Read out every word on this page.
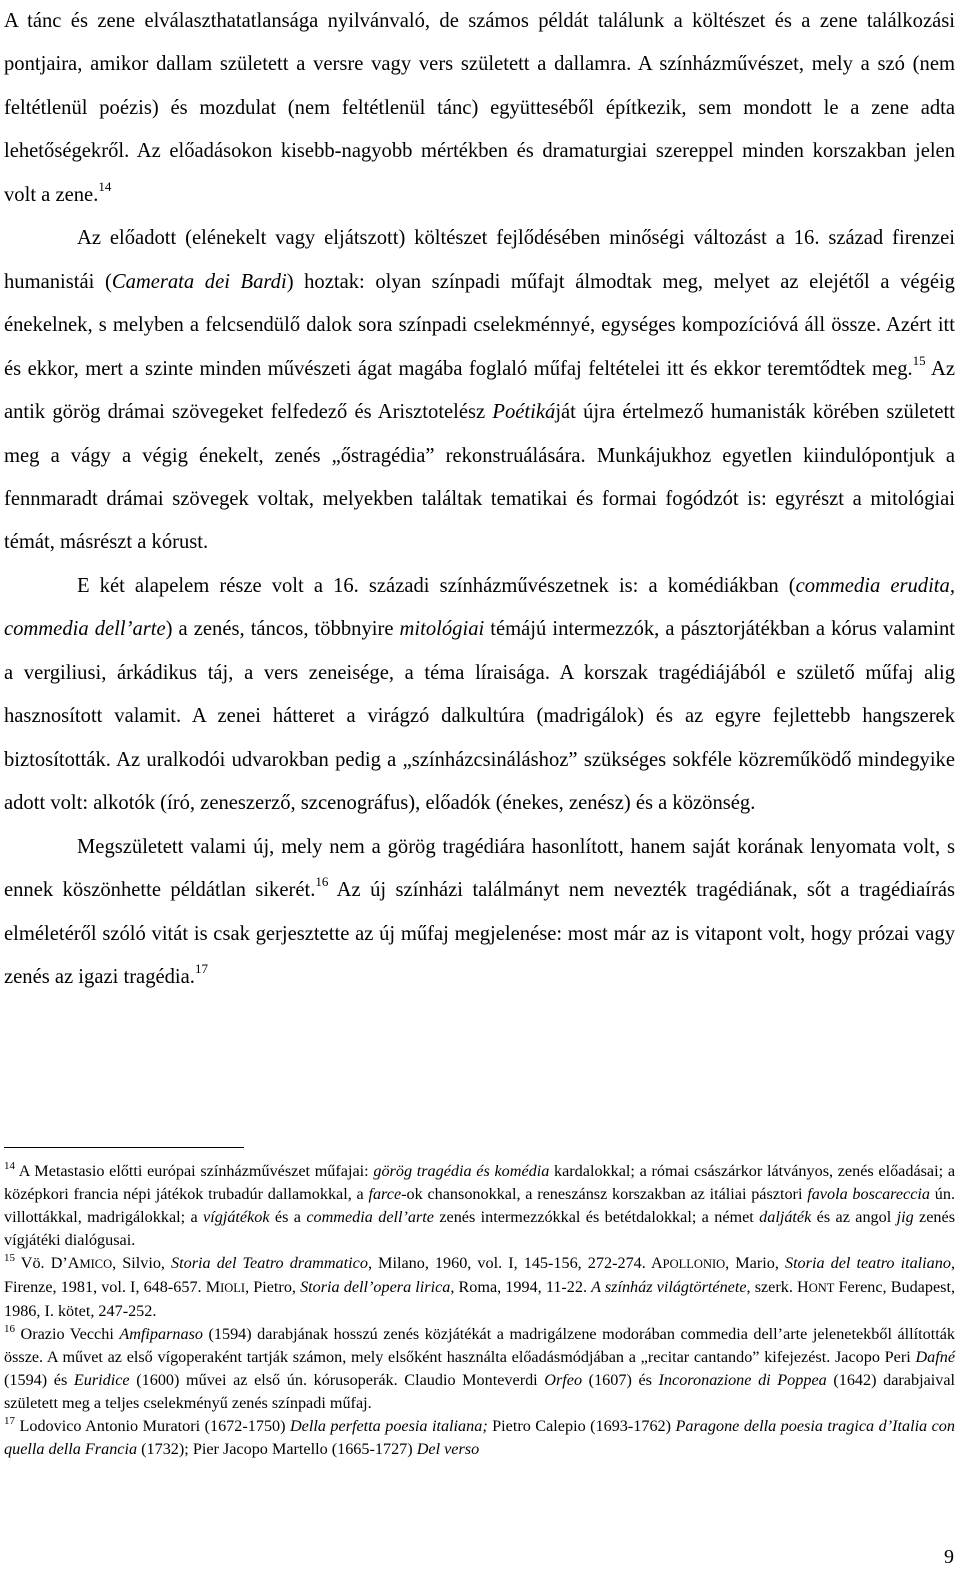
A tánc és zene elválaszthatatlansága nyilvánvaló, de számos példát találunk a költészet és a zene találkozási pontjaira, amikor dallam született a versre vagy vers született a dallamra. A színházművészet, mely a szó (nem feltétlenül poézis) és mozdulat (nem feltétlenül tánc) együtteséből építkezik, sem mondott le a zene adta lehetőségekről. Az előadásokon kisebb-nagyobb mértékben és dramaturgiai szereppel minden korszakban jelen volt a zene.$^{14}$

Az előadott (elénekelt vagy eljátszott) költészet fejlődésében minőségi változást a 16. század firenzei humanistái (Camerata dei Bardi) hoztak: olyan színpadi műfajt álmodtak meg, melyet az elejétől a végéig énekelnek, s melyben a felcsendülő dalok sora színpadi cselekménnyé, egységes kompozícióvá áll össze. Azért itt és ekkor, mert a szinte minden művészeti ágat magába foglaló műfaj feltételei itt és ekkor teremtődtek meg.$^{15}$ Az antik görög drámai szövegeket felfedező és Arisztotelész Poétikáját újra értelmező humanisták körében született meg a vágy a végig énekelt, zenés „őstragédia” rekonstruálására. Munkájukhoz egyetlen kiindulópontjuk a fennmaradt drámai szövegek voltak, melyekben találtak tematikai és formai fogódzót is: egyrészt a mitológiai témát, másrészt a kórust.

E két alapelem része volt a 16. századi színházművészetnek is: a komédiákban (commedia erudita, commedia dell’arte) a zenés, táncos, többnyire mitológiai témájú intermezzók, a pásztorjátékban a kórus valamint a vergiliusi, árkádikus táj, a vers zeneisége, a téma líraisága. A korszak tragédiájából e születő műfaj alig hasznosított valamit. A zenei hátteret a virágzó dalkultúra (madrigálok) és az egyre fejlettebb hangszerek biztosították. Az uralkodói udvarokban pedig a „színházcsináláshoz” szükséges sokféle közreműködő mindegyike adott volt: alkotók (író, zeneszerző, szcenográfus), előadók (énekes, zenész) és a közönség.

Megszületett valami új, mely nem a görög tragédiára hasonlított, hanem saját korának lenyomata volt, s ennek köszönhette példátlan sikerét.$^{16}$ Az új színházi találmányt nem nevezték tragédiának, sőt a tragédiaírás elméletéről szóló vitát is csak gerjesztette az új műfaj megjelenése: most már az is vitapont volt, hogy prózai vagy zenés az igazi tragédia.$^{17}$

$^{14}$ A Metastasio előtti európai színházművészet műfajai: görög tragédia és komédia kardalokkal; a római császárkor látványos, zenés előadásai; a középkori francia népi játékok trubadúr dallamokkal, a farce-ok chansonokkal, a reneszánsz korszakban az itáliai pásztori favola boscareccia ún. villottákkal, madrigálokkal; a vígjátékok és a commedia dell’arte zenés intermezzókkal és betétdalokkal; a német daljáték és az angol jig zenés vígjátéki dialógusai.

$^{15}$ Vö. D’AMICO, Silvio, Storia del Teatro drammatico, Milano, 1960, vol. I, 145-156, 272-274. APOLLONIO, Mario, Storia del teatro italiano, Firenze, 1981, vol. I, 648-657. MIOLI, Pietro, Storia dell’opera lirica, Roma, 1994, 11-22. A színház világtörténete, szerk. HONT Ferenc, Budapest, 1986, I. kötet, 247-252.

$^{16}$ Orazio Vecchi Amfiparnaso (1594) darabjának hosszú zenés közjátékát a madrigálzene modorában commedia dell’arte jelenetekből állították össze. A művet az első vígoperaként tartják számon, mely elsőként használta előadásmódjában a „recitar cantando” kifejezést. Jacopo Peri Dafné (1594) és Euridice (1600) művei az első ún. kórusoperák. Claudio Monteverdi Orfeo (1607) és Incoronazione di Poppea (1642) darabjaival született meg a teljes cselekményű zenés színpadi műfaj.

$^{17}$ Lodovico Antonio Muratori (1672-1750) Della perfetta poesia italiana; Pietro Calepio (1693-1762) Paragone della poesia tragica d’Italia con quella della Francia (1732); Pier Jacopo Martello (1665-1727) Del verso

9
